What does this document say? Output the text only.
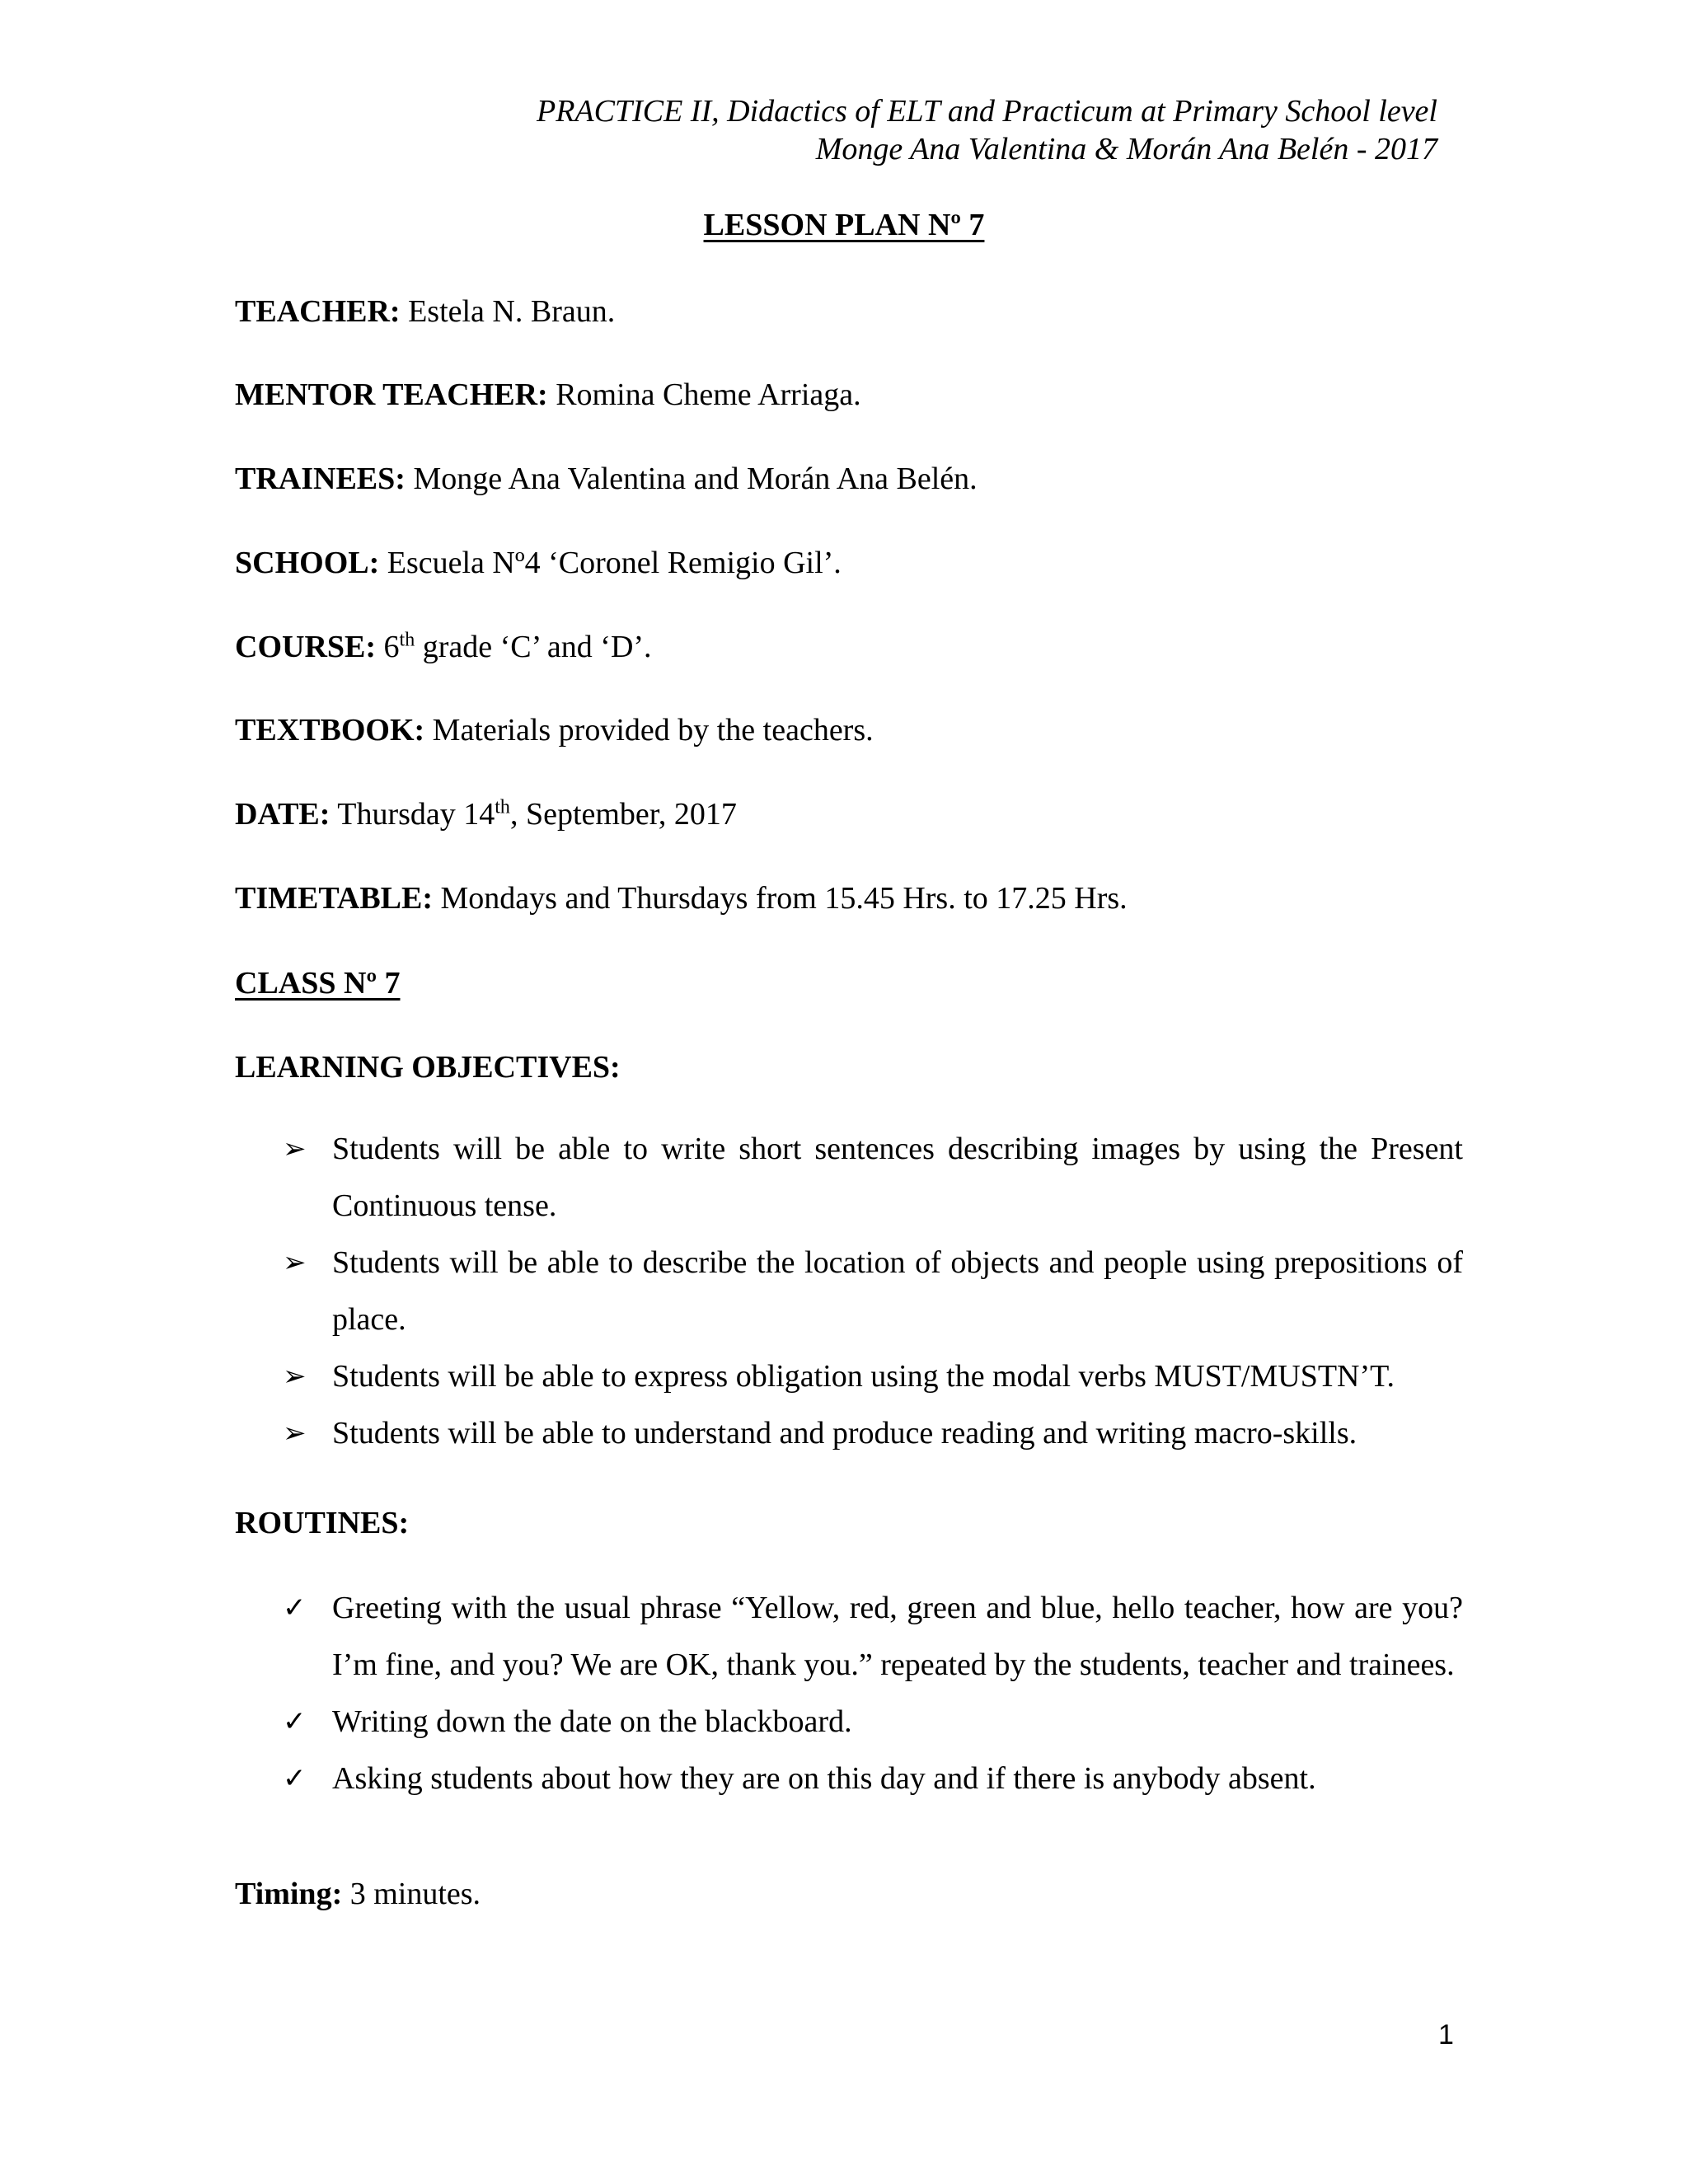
PRACTICE II, Didactics of ELT and Practicum at Primary School level
Monge Ana Valentina & Morán Ana Belén - 2017
LESSON PLAN Nº 7
TEACHER: Estela N. Braun.
MENTOR TEACHER: Romina Cheme Arriaga.
TRAINEES: Monge Ana Valentina and Morán Ana Belén.
SCHOOL: Escuela Nº4 ‘Coronel Remigio Gil’.
COURSE: 6th grade ‘C’ and ‘D’.
TEXTBOOK: Materials provided by the teachers.
DATE: Thursday 14th, September, 2017
TIMETABLE: Mondays and Thursdays from 15.45 Hrs. to 17.25 Hrs.
CLASS Nº 7
LEARNING OBJECTIVES:
➢ Students will be able to write short sentences describing images by using the Present Continuous tense.
➢ Students will be able to describe the location of objects and people using prepositions of place.
➢ Students will be able to express obligation using the modal verbs MUST/MUSTN’T.
➢ Students will be able to understand and produce reading and writing macro-skills.
ROUTINES:
✓ Greeting with the usual phrase “Yellow, red, green and blue, hello teacher, how are you? I’m fine, and you? We are OK, thank you.” repeated by the students, teacher and trainees.
✓ Writing down the date on the blackboard.
✓ Asking students about how they are on this day and if there is anybody absent.
Timing: 3 minutes.
1
